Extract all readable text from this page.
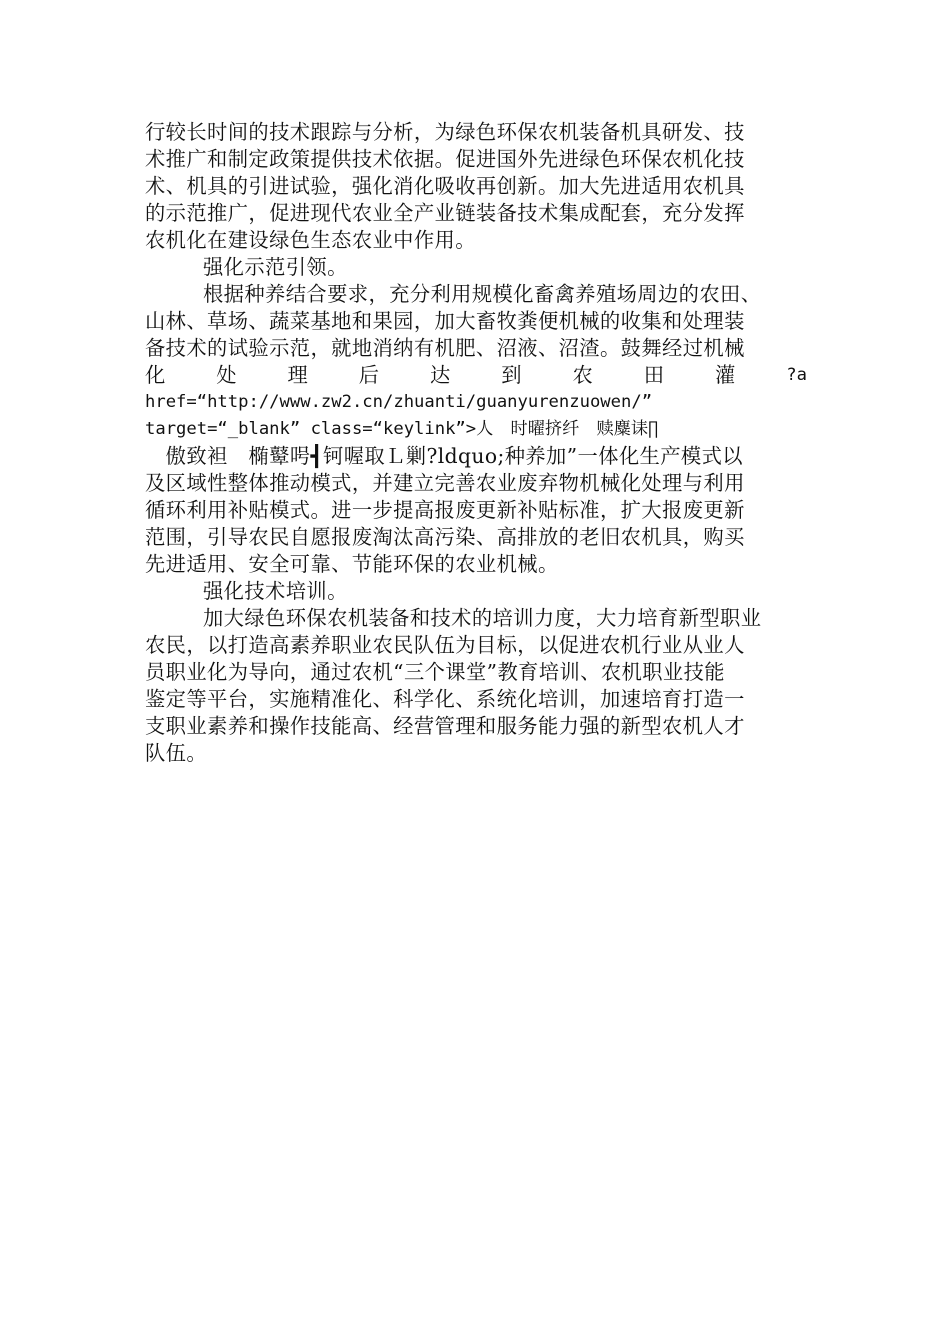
行较长时间的技术跟踪与分析，为绿色环保农机装备机具研发、技
术推广和制定政策提供技术依据。促进国外先进绿色环保农机化技
术、机具的引进试验，强化消化吸收再创新。加大先进适用农机具
的示范推广，促进现代农业全产业链装备技术集成配套，充分发挥
农机化在建设绿色生态农业中作用。
强化示范引领。
根据种养结合要求，充分利用规模化畜禽养殖场周边的农田、
山林、草场、蔬菜基地和果园，加大畜牧粪便机械的收集和处理装
备技术的试验示范，就地消纳有机肥、沼液、沼渣。鼓舞经过机械
化 处 理 后 达 到 农 田 灌	?a
href=“http://www.zw2.cn/zhuanti/guanyurenzuowen/”
target=“_blank” class=“keylink”>人　时曜挤纤　赎麋诔∏
　傲致袒　椭鼙呺┫钶喔取Ｌ剿?ldquo;种养加”一体化生产模式以
及区域性整体推动模式，并建立完善农业废弃物机械化处理与利用
循环利用补贴模式。进一步提高报废更新补贴标准，扩大报废更新
范围，引导农民自愿报废淘汰高污染、高排放的老旧农机具，购买
先进适用、安全可靠、节能环保的农业机械。
强化技术培训。
加大绿色环保农机装备和技术的培训力度，大力培育新型职业
农民，以打造高素养职业农民队伍为目标，以促进农机行业从业人
员职业化为导向，通过农机“三个课堂”教育培训、农机职业技能
鉴定等平台，实施精准化、科学化、系统化培训，加速培育打造一
支职业素养和操作技能高、经营管理和服务能力强的新型农机人才
队伍。
